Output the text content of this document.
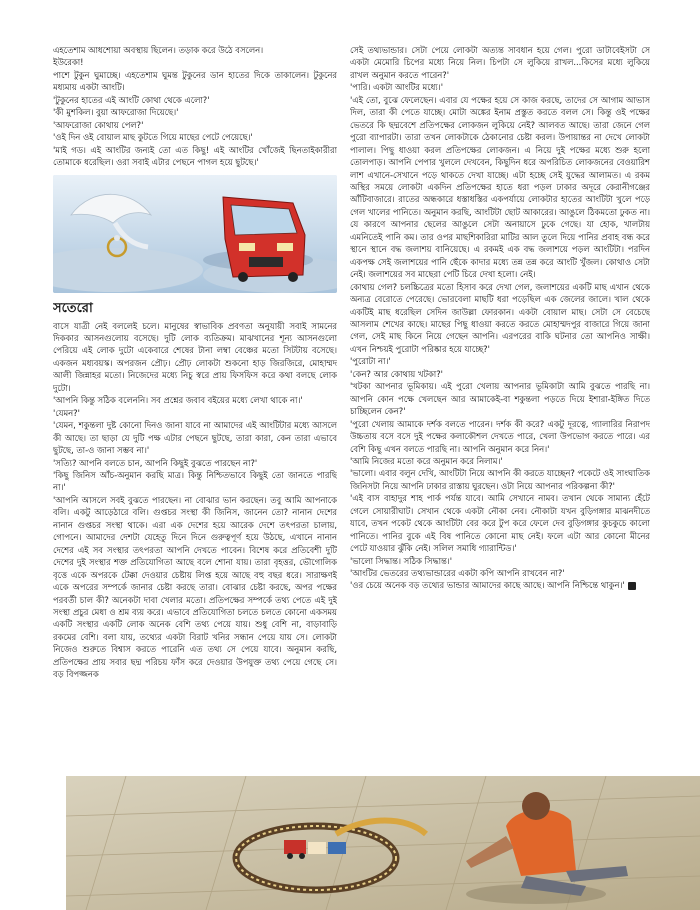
এহতেশাম আধশোয়া অবস্থায় ছিলেন। তড়াক করে উঠে বসলেন।

ইউরেকা!

পাশে টুকুন ঘুমাচ্ছে। এহতেশাম ঘুমন্ত টুকুনের ডান হাতের দিকে তাকালেন। টুকুনের মধ্যমায় একটা আংটি।

'টুকুনের হাতের এই আংটি কোথা থেকে এলো?'

'কী মুশকিল। বুয়া আফরোজা দিয়েছে।'

'আফরোজা কোথায় পেল?'

'ওই দিন ওই বোয়াল মাছ কুটতে গিয়ে মাছের পেটে পেয়েছে।'

'মাই গড। এই আংটির জন্যই তো এত কিছু! এই আংটির খোঁজেই ছিনতাইকারীরা তোমাকে ধরেছিল। ওরা সবাই এটার পেছনে পাগল হয়ে ছুটছে।'

সতেরো

বাসে যাত্রী নেই বললেই চলে। মানুষের স্বাভাবিক প্রবণতা অনুযায়ী সবাই সামনের দিককার আসনগুলোয় বসেছে। দুটি লোক ব্যতিক্রম। মাঝখানের শূন্য আসনগুলো পেরিয়ে এই লোক দুটো একেবারে শেষের টানা লম্বা বেঞ্চের মতো সিটটায় বসেছে। একজন মধ্যবয়স্ক। অপরজন প্রৌঢ়। প্রৌঢ় লোকটা শুকনো হাড় জিরজিরে, মোহাম্মদ আলী জিন্নাহর মতো। নিজেদের মধ্যে নিচু স্বরে প্রায় ফিসফিস করে কথা বলছে লোক দুটো।

'আপনি কিন্তু সঠিক বলেননি। সব প্রশ্নের জবাব বইয়ের মধ্যে লেখা থাকে না।'

'যেমন?'

'যেমন, শকুন্তলা দুষ্ট কোনো দিনও জানা যাবে না আমাদের এই আংটিটার মধ্যে আসলে কী আছে। তা ছাড়া যে দুটি পক্ষ এটার পেছনে ছুটছে, তারা কারা, কেন তারা এভাবে ছুটছে, তা-ও জানা সম্ভব না।'

'সত্যি? আপনি বলতে চান, আপনি কিছুই বুঝতে পারছেন না?'

'কিছু জিনিস আঁচ-অনুমান করছি মাত্র। কিন্তু নিশ্চিতভাবে কিছুই তো জানতে পারছি না।'

'আপনি আসলে সবই বুঝতে পারছেন। না বোঝার ভান করছেন। তবু আমি আপনাকে বলি। একটু আড়েঠারে বলি। গুপ্তচর সংস্থা কী জিনিস, জানেন তো? নানান দেশের নানান গুপ্তচর সংস্থা থাকে। এরা এক দেশের হয়ে আরেক দেশে তৎপরতা চালায়, গোপনে। আমাদের দেশটা যেহেতু দিনে দিনে গুরুত্বপূর্ণ হয়ে উঠছে, এখানে নানান দেশের এই সব সংস্থার তৎপরতা আপনি দেখতে পাবেন। বিশেষ করে প্রতিবেশী দুটি দেশের দুই সংস্থার শক্ত প্রতিযোগিতা আছে বলে শোনা যায়। তারা বৃহত্তর, ভৌগোলিক বৃত্তে একে অপরকে টেক্কা দেওয়ার চেষ্টায় লিপ্ত হয়ে আছে বহু বছর ধরে। সারাক্ষণই একে অপরের সম্পর্কে জানার চেষ্টা করছে তারা। বোঝার চেষ্টা করছে, অপর পক্ষের পরবর্তী চাল কী? অনেকটা দাবা খেলার মতো। প্রতিপক্ষের সম্পর্কে তথ্য পেতে এই দুই সংস্থা প্রচুর মেধা ও শ্রম ব্যয় করে। এভাবে প্রতিযোগিতা চলতে চলতে কোনো একসময় একটি সংস্থার একটি লোক অনেক বেশি তথ্য পেয়ে যায়। শুধু বেশি না, বাড়াবাড়ি রকমের বেশি। বলা যায়, তথ্যের একটা বিরাট খনির সন্ধান পেয়ে যায় সে। লোকটা নিজেও শুরুতে বিশ্বাস করতে পারেনি এত তথ্য সে পেয়ে যাবে। অনুমান করছি, প্রতিপক্ষের প্রায় সবার ছদ্ম পরিচয় ফাঁস করে দেওয়ার উপযুক্ত তথ্য পেয়ে গেছে সে। বড় বিপজ্জনক

সেই তথ্যভান্ডার। সেটা পেয়ে লোকটা অত্যন্ত সাবধান হয়ে গেল। পুরো ডাটাবেইসটা সে একটা মেমোরি চিপের মধ্যে নিয়ে নিল। চিপটা সে লুকিয়ে রাখল...কিসের মধ্যে লুকিয়ে রাখল অনুমান করতে পারেন?'

'পারি। একটা আংটির মধ্যে।'

'এই তো, বুঝে ফেলেছেন। এবার যে পক্ষের হয়ে সে কাজ করছে, তাদের সে আগাম আভাস দিল, তারা কী পেতে যাচ্ছে। মোটা অঙ্কের ইনাম প্রস্তুত করতে বলল সে। কিন্তু ওই পক্ষের ভেতরে কি ছদ্মবেশে প্রতিপক্ষের লোকজন লুকিয়ে নেই? আলবত আছে। তারা জেনে গেল পুরো ব্যাপারটা। তারা তখন লোকটাকে ঠেকানোর চেষ্টা করল। উপায়ান্তর না দেখে লোকটা পালাল। পিছু ধাওয়া করল প্রতিপক্ষের লোকজন। এ নিয়ে দুই পক্ষের মধ্যে শুরু হলো তোলপাড়। আপনি পেপার খুললে দেখবেন, কিছুদিন ধরে অপরিচিত লোকজনের বেওয়ারিশ লাশ এখানে-সেখানে পড়ে থাকতে দেখা যাচ্ছে। এটা হচ্ছে সেই যুদ্ধের আলামত। এ রকম অস্থির সময়ে লোকটা একদিন প্রতিপক্ষের হাতে ধরা পড়ল ঢাকার অদূরে কেরানীগঞ্জের আঁটিবাজারে। রাতের অন্ধকারে ধস্তাধস্তির একপর্যায়ে লোকটার হাতের আংটিটা খুলে পড়ে গেল খালের পানিতে। অনুমান করছি, আংটিটা ছোট আকারের। আঙুলে ঠিকমতো ঢুকত না। যে কারণে আপনার ছেলের আঙুলে সেটা অনায়াসে ঢুকে গেছে। যা হোক, খালটায় এমনিতেই পানি কম। তার ওপর মাছশিকারিরা মাটির আল তুলে দিয়ে পানির প্রবাহ বন্ধ করে স্থানে স্থানে বদ্ধ জলাশয় বানিয়েছে। এ রকমই এক বদ্ধ জলাশয়ে পড়ল আংটিটা। পরদিন একপক্ষ সেই জলাশয়ের পানি ছেঁকে কাদার মধ্যে তন্ন তন্ন করে আংটি খুঁজল। কোথাও সেটা নেই। জলাশয়ের সব মাছেরা পেটি চিরে দেখা হলো। নেই।

কোথায় গেল? চলচ্চিত্রের মতো হিসাব করে দেখা গেল, জলাশয়ের একটি মাছ এখান থেকে অন্যত্র বেরোতে পেরেছে। ভোরবেলা মাছটি ধরা পড়েছিল এক জেলের জালে। খাল থেকে একটিই মাছ ধরেছিল সেদিন জাউল্লা ফোরকান। একটা বোয়াল মাছ। সেটা সে বেচেছে আসলাম শেখের কাছে। মাছের পিছু ধাওয়া করতে করতে মোহাম্মদপুর বাজারে গিয়ে জানা গেল, সেই মাছ কিনে নিয়ে গেছেন আপনি। এরপরের বাকি ঘটনার তো আপনিও সাক্ষী। এখন নিশ্চয়ই পুরোটা পরিষ্কার হয়ে যাচ্ছে?'

'পুরোটা না।'

'কেন? আর কোথায় খটকা?'

'খটকা আপনার ভূমিকায়। এই পুরো খেলায় আপনার ভূমিকাটা আমি বুঝতে পারছি না। আপনি কোন পক্ষে খেলছেন আর আমাকেই-বা শকুন্তলা পড়তে দিয়ে ইশারা-ইঙ্গিত দিতে চাচ্ছিলেন কেন?'

'পুরো খেলায় আমাকে দর্শক বলতে পারেন। দর্শক কী করে? একটু দূরত্বে, গ্যালারির নিরাপদ উচ্চতায় বসে বসে দুই পক্ষের কলাকৌশল দেখতে পারে, খেলা উপভোগ করতে পারে। এর বেশি কিছু এখন বলতে পারছি না। আপনি অনুমান করে নিন।'

'আমি নিজের মতো করে অনুমান করে নিলাম।'

'ভালো। এবার বলুন দেখি, আংটিটা নিয়ে আপনি কী করতে যাচ্ছেন? পকেটে ওই সাংঘাতিক জিনিসটা নিয়ে আপনি ঢাকার রাস্তায় ঘুরছেন। ওটা নিয়ে আপনার পরিকল্পনা কী?'

'এই বাস বাহাদুর শাহ পার্ক পর্যন্ত যাবে। আমি সেখানে নামব। তখান থেকে সামান্য হেঁটে গেলে সোয়ারীঘাট। সেখান থেকে একটা নৌকা নেব। নৌকাটা যখন বুড়িগঙ্গার মাঝনদীতে যাবে, তখন পকেট থেকে আংটিটা বের করে টুপ করে ফেলে দেব বুড়িগঙ্গার কুচকুচে কালো পানিতে। পানির বুকে এই বিষ পানিতে কোনো মাছ নেই। ফলে এটা আর কোনো মীনের পেটে যাওয়ার ঝুঁকি নেই। সলিল সমাধি গ্যারান্টিড।'

'ভালো সিদ্ধান্ত। সঠিক সিদ্ধান্ত।'

'আংটির ভেতরের তথ্যভান্ডারের একটা কপি আপনি রাখবেন না?'

'ওর চেয়ে অনেক বড় তথ্যের ভান্ডার আমাদের কাছে আছে। আপনি নিশ্চিন্তে থাকুন।'
